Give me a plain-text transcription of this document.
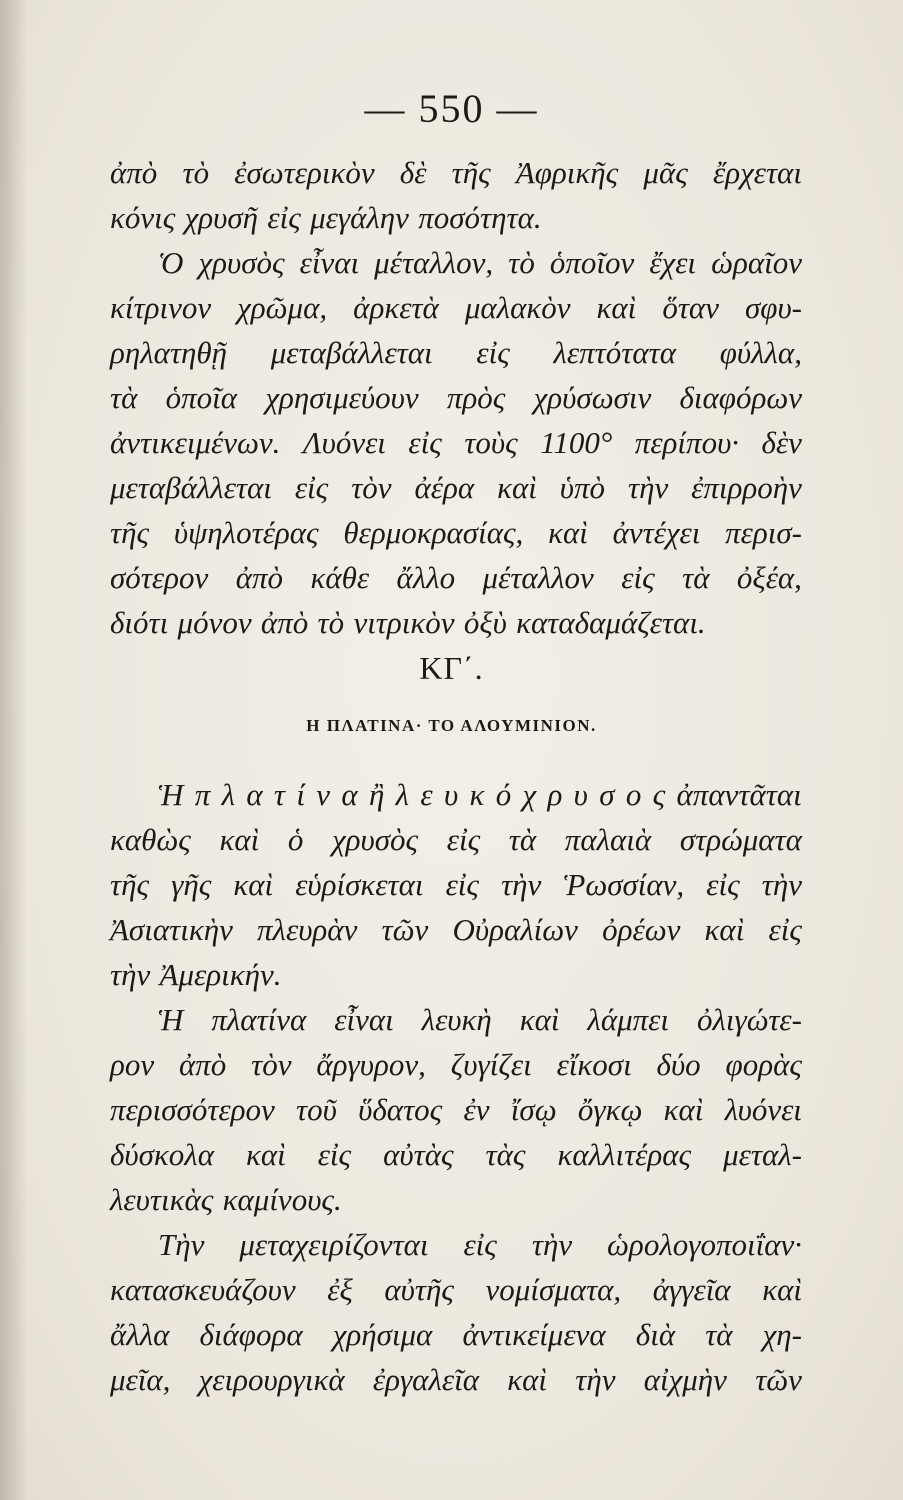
— 550 —
ἀπὸ τὸ ἐσωτερικὸν δὲ τῆς Ἀφρικῆς μᾶς ἔρχεται
κόνις χρυσῆ εἰς μεγάλην ποσότητα.
Ὁ χρυσὸς εἶναι μέταλλον, τὸ ὁποῖον ἔχει ὡραῖον
κίτρινον χρῶμα, ἀρκετὰ μαλακὸν καὶ ὅταν σφυ-
ρηλατηθῇ μεταβάλλεται εἰς λεπτότατα φύλλα,
τὰ ὁποῖα χρησιμεύουν πρὸς χρύσωσιν διαφόρων
ἀντικειμένων. Λυόνει εἰς τοὺς 1100° περίπου· δὲν
μεταβάλλεται εἰς τὸν ἀέρα καὶ ὑπὸ τὴν ἐπιρροὴν
τῆς ὑψηλοτέρας θερμοκρασίας, καὶ ἀντέχει περισ-
σότερον ἀπὸ κάθε ἄλλο μέταλλον εἰς τὰ ὀξέα,
διότι μόνον ἀπὸ τὸ νιτρικὸν ὀξὺ καταδαμάζεται.
ΚΓ΄.
Η ΠΛΑΤΙΝΑ· ΤΟ ΑΛΟΥΜΙΝΙΟΝ.
Ἡ π λ α τ ί ν α ἢ λ ε υ κ ό χ ρ υ σ ο ς ἀπαντᾶται
καθὼς καὶ ὁ χρυσὸς εἰς τὰ παλαιὰ στρώματα
τῆς γῆς καὶ εὑρίσκεται εἰς τὴν Ῥωσσίαν, εἰς τὴν
Ἀσιατικὴν πλευρὰν τῶν Οὐραλίων ὀρέων καὶ εἰς
τὴν Ἀμερικήν.
Ἡ πλατίνα εἶναι λευκὴ καὶ λάμπει ὀλιγώτε-
ρον ἀπὸ τὸν ἄργυρον, ζυγίζει εἴκοσι δύο φορὰς
περισσότερον τοῦ ὕδατος ἐν ἴσῳ ὄγκῳ καὶ λυόνει
δύσκολα καὶ εἰς αὐτὰς τὰς καλλιτέρας μεταλ-
λευτικὰς καμίνους.
Τὴν μεταχειρίζονται εἰς τὴν ὡρολογοποιΐαν·
κατασκευάζουν ἐξ αὐτῆς νομίσματα, ἀγγεῖα καὶ
ἄλλα διάφορα χρήσιμα ἀντικείμενα διὰ τὰ χη-
μεῖα, χειρουργικὰ ἐργαλεῖα καὶ τὴν αἰχμὴν τῶν
